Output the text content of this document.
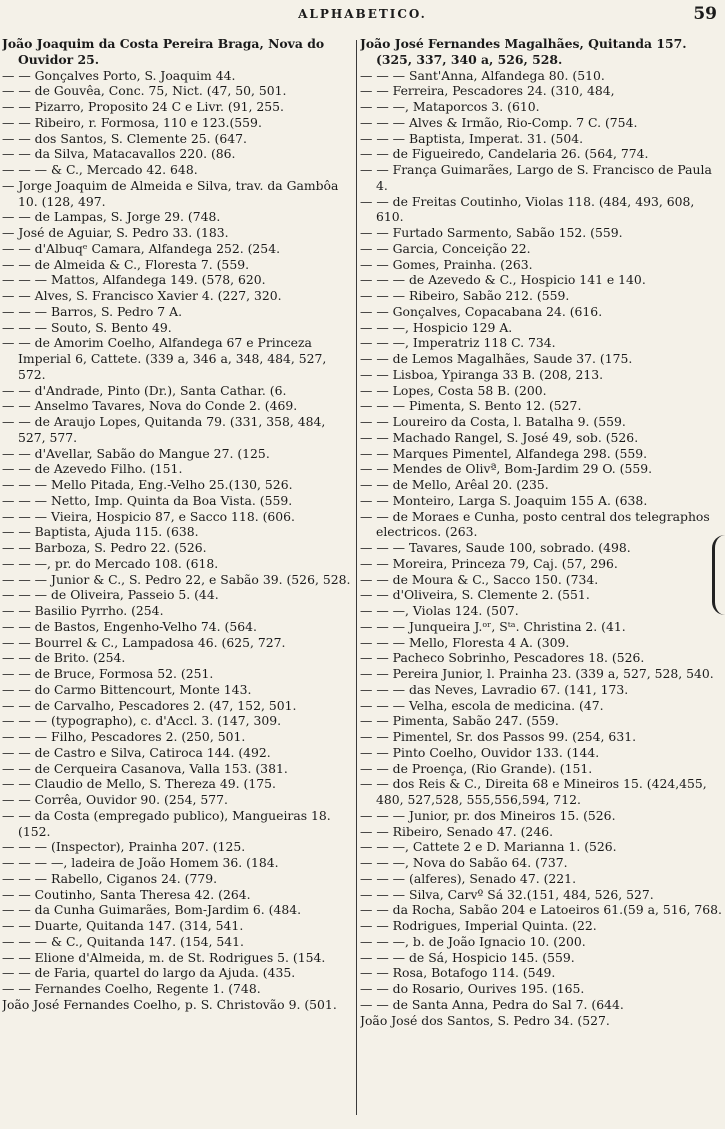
ALPHABETICO.	59
João Joaquim da Costa Pereira Braga, Nova do Ouvidor 25.
— — Gonçalves Porto, S. Joaquim 44.
— — de Gouvêa, Conc. 75, Nict. (47, 50, 501.
— — Pizarro, Proposito 24 C e Livr. (91, 255.
— — Ribeiro, r. Formosa, 110 e 123.(559.
— — dos Santos, S. Clemente 25. (647.
— — da Silva, Matacavallos 220. (86.
— — — & C., Mercado 42. 648.
— Jorge Joaquim de Almeida e Silva, trav. da Gambôa 10. (128, 497.
— — de Lampas, S. Jorge 29. (748.
— José de Aguiar, S. Pedro 33. (183.
— — d'Albuqᵉ Camara, Alfandega 252. (254.
— — de Almeida & C., Floresta 7. (559.
— — — Mattos, Alfandega 149. (578, 620.
— — Alves, S. Francisco Xavier 4. (227, 320.
— — — Barros, S. Pedro 7 A.
— — — Souto, S. Bento 49.
— — de Amorim Coelho, Alfandega 67 e Princeza Imperial 6, Cattete. (339 a, 346 a, 348, 484, 527, 572.
— — d'Andrade, Pinto (Dr.), Santa Cathar. (6.
— — Anselmo Tavares, Nova do Conde 2. (469.
— — de Araujo Lopes, Quitanda 79. (331, 358, 484, 527, 577.
— — d'Avellar, Sabão do Mangue 27. (125.
— — de Azevedo Filho. (151.
— — — Mello Pitada, Eng.-Velho 25.(130, 526.
— — — Netto, Imp. Quinta da Boa Vista. (559.
— — — Vieira, Hospicio 87, e Sacco 118. (606.
— — Baptista, Ajuda 115. (638.
— — Barboza, S. Pedro 22. (526.
— — —, pr. do Mercado 108. (618.
— — — Junior & C., S. Pedro 22, e Sabão 39. (526, 528.
— — — de Oliveira, Passeio 5. (44.
— — Basilio Pyrrho. (254.
— — de Bastos, Engenho-Velho 74. (564.
— — Bourrel & C., Lampadosa 46. (625, 727.
— — de Brito. (254.
— — de Bruce, Formosa 52. (251.
— — do Carmo Bittencourt, Monte 143.
— — de Carvalho, Pescadores 2. (47, 152, 501.
— — — (typographo), c. d'Accl. 3. (147, 309.
— — — Filho, Pescadores 2. (250, 501.
— — de Castro e Silva, Catiroca 144. (492.
— — de Cerqueira Casanova, Valla 153. (381.
— — Claudio de Mello, S. Thereza 49. (175.
— — Corrêa, Ouvidor 90. (254, 577.
— — da Costa (empregado publico), Mangueiras 18. (152.
— — — (Inspector), Prainha 207. (125.
— — — —, ladeira de João Homem 36. (184.
— — — Rabello, Ciganos 24. (779.
— — Coutinho, Santa Theresa 42. (264.
— — da Cunha Guimarães, Bom-Jardim 6. (484.
— — Duarte, Quitanda 147. (314, 541.
— — — & C., Quitanda 147. (154, 541.
— — Elione d'Almeida, m. de St. Rodrigues 5. (154.
— — de Faria, quartel do largo da Ajuda. (435.
— — Fernandes Coelho, Regente 1. (748.
João José Fernandes Coelho, p. S. Christovão 9. (501.
João José Fernandes Magalhães, Quitanda 157. (325, 337, 340 a, 526, 528.
— — — Sant'Anna, Alfandega 80. (510.
— — Ferreira, Pescadores 24. (310, 484,
— — —, Mataporcos 3. (610.
— — — Alves & Irmão, Rio-Comp. 7 C. (754.
— — — Baptista, Imperat. 31. (504.
— — de Figueiredo, Candelaria 26. (564, 774.
— — França Guimarães, Largo de S. Francisco de Paula 4.
— — de Freitas Coutinho, Violas 118. (484, 493, 608, 610.
— — Furtado Sarmento, Sabão 152. (559.
— — Garcia, Conceição 22.
— — Gomes, Prainha. (263.
— — — de Azevedo & C., Hospicio 141 e 140.
— — — Ribeiro, Sabão 212. (559.
— — Gonçalves, Copacabana 24. (616.
— — —, Hospicio 129 A.
— — —, Imperatriz 118 C. 734.
— — de Lemos Magalhães, Saude 37. (175.
— — Lisboa, Ypiranga 33 B. (208, 213.
— — Lopes, Costa 58 B. (200.
— — — Pimenta, S. Bento 12. (527.
— — Loureiro da Costa, l. Batalha 9. (559.
— — Machado Rangel, S. José 49, sob. (526.
— — Marques Pimentel, Alfandega 298. (559.
— — Mendes de Olivª, Bom-Jardim 29 O. (559.
— — de Mello, Arêal 20. (235.
— — Monteiro, Larga S. Joaquim 155 A. (638.
— — de Moraes e Cunha, posto central dos telegraphos electricos. (263.
— — — Tavares, Saude 100, sobrado. (498.
— — Moreira, Princeza 79, Caj. (57, 296.
— — de Moura & C., Sacco 150. (734.
— — d'Oliveira, S. Clemente 2. (551.
— — —, Violas 124. (507.
— — — Junqueira J.ᵒʳ, Sᵗᵃ. Christina 2. (41.
— — — Mello, Floresta 4 A. (309.
— — Pacheco Sobrinho, Pescadores 18. (526.
— — Pereira Junior, l. Prainha 23. (339 a, 527, 528, 540.
— — — das Neves, Lavradio 67. (141, 173.
— — — Velha, escola de medicina. (47.
— — Pimenta, Sabão 247. (559.
— — Pimentel, Sr. dos Passos 99. (254, 631.
— — Pinto Coelho, Ouvidor 133. (144.
— — de Proença, (Rio Grande). (151.
— — dos Reis & C., Direita 68 e Mineiros 15. (424,455, 480, 527,528, 555,556,594, 712.
— — — Junior, pr. dos Mineiros 15. (526.
— — Ribeiro, Senado 47. (246.
— — —, Cattete 2 e D. Marianna 1. (526.
— — —, Nova do Sabão 64. (737.
— — — (alferes), Senado 47. (221.
— — — Silva, Carvº Sá 32.(151, 484, 526, 527.
— — da Rocha, Sabão 204 e Latoeiros 61.(59 a, 516, 768.
— — Rodrigues, Imperial Quinta. (22.
— — —, b. de João Ignacio 10. (200.
— — — de Sá, Hospicio 145. (559.
— — Rosa, Botafogo 114. (549.
— — do Rosario, Ourives 195. (165.
— — de Santa Anna, Pedra do Sal 7. (644.
João José dos Santos, S. Pedro 34. (527.
